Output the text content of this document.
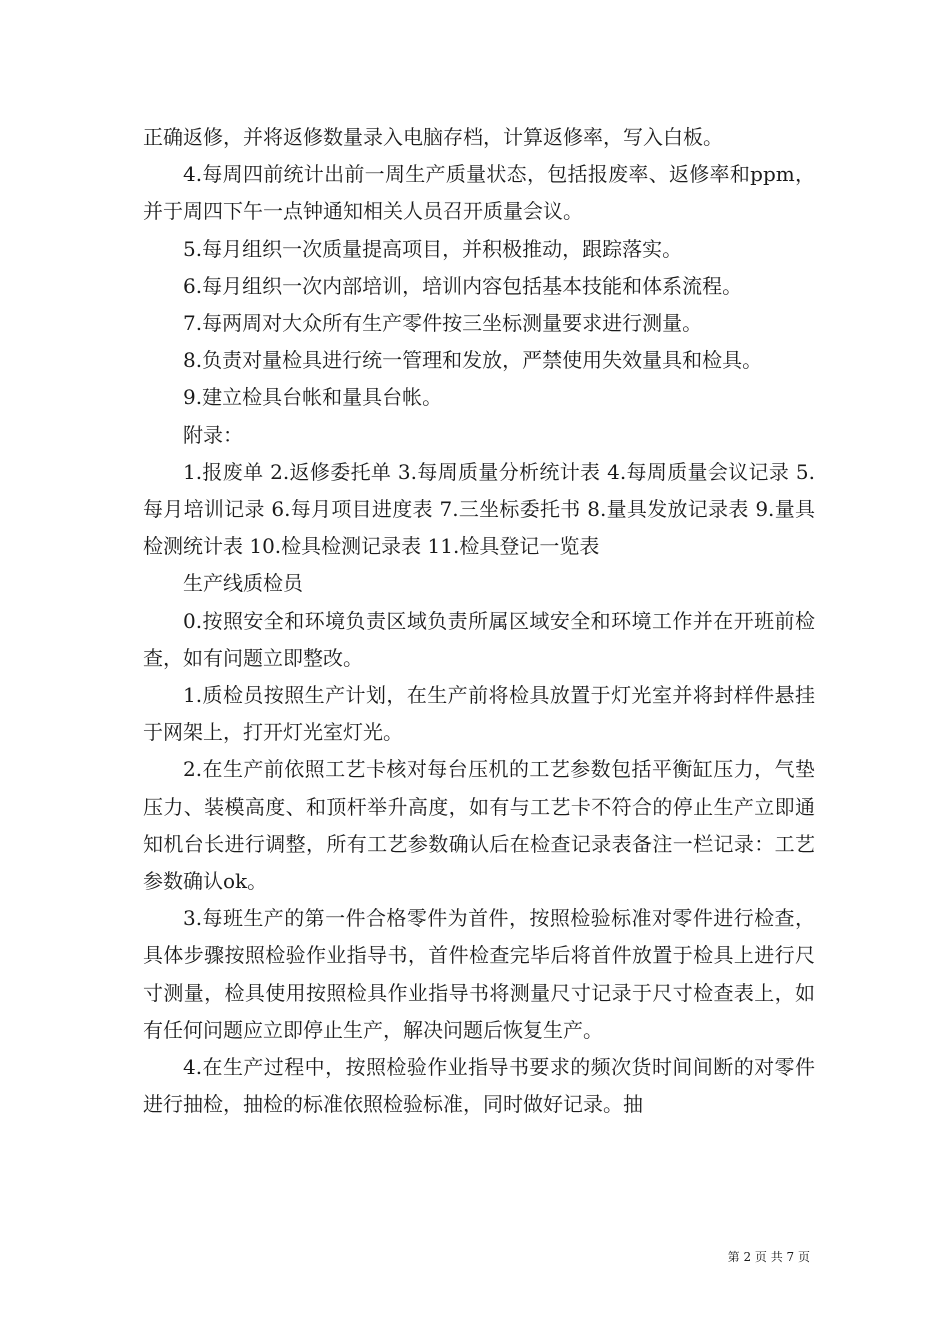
正确返修，并将返修数量录入电脑存档，计算返修率，写入白板。

4.每周四前统计出前一周生产质量状态，包括报废率、返修率和ppm，并于周四下午一点钟通知相关人员召开质量会议。

5.每月组织一次质量提高项目，并积极推动，跟踪落实。

6.每月组织一次内部培训，培训内容包括基本技能和体系流程。

7.每两周对大众所有生产零件按三坐标测量要求进行测量。

8.负责对量检具进行统一管理和发放，严禁使用失效量具和检具。

9.建立检具台帐和量具台帐。

附录：

1.报废单 2.返修委托单 3.每周质量分析统计表 4.每周质量会议记录 5.每月培训记录 6.每月项目进度表 7.三坐标委托书 8.量具发放记录表 9.量具检测统计表 10.检具检测记录表 11.检具登记一览表

生产线质检员

0.按照安全和环境负责区域负责所属区域安全和环境工作并在开班前检查，如有问题立即整改。

1.质检员按照生产计划，在生产前将检具放置于灯光室并将封样件悬挂于网架上，打开灯光室灯光。

2.在生产前依照工艺卡核对每台压机的工艺参数包括平衡缸压力，气垫压力、装模高度、和顶杆举升高度，如有与工艺卡不符合的停止生产立即通知机台长进行调整，所有工艺参数确认后在检查记录表备注一栏记录：工艺参数确认ok。

3.每班生产的第一件合格零件为首件，按照检验标准对零件进行检查，具体步骤按照检验作业指导书，首件检查完毕后将首件放置于检具上进行尺寸测量，检具使用按照检具作业指导书将测量尺寸记录于尺寸检查表上，如有任何问题应立即停止生产，解决问题后恢复生产。

4.在生产过程中，按照检验作业指导书要求的频次货时间间断的对零件进行抽检，抽检的标准依照检验标准，同时做好记录。抽

第 2 页 共 7 页
